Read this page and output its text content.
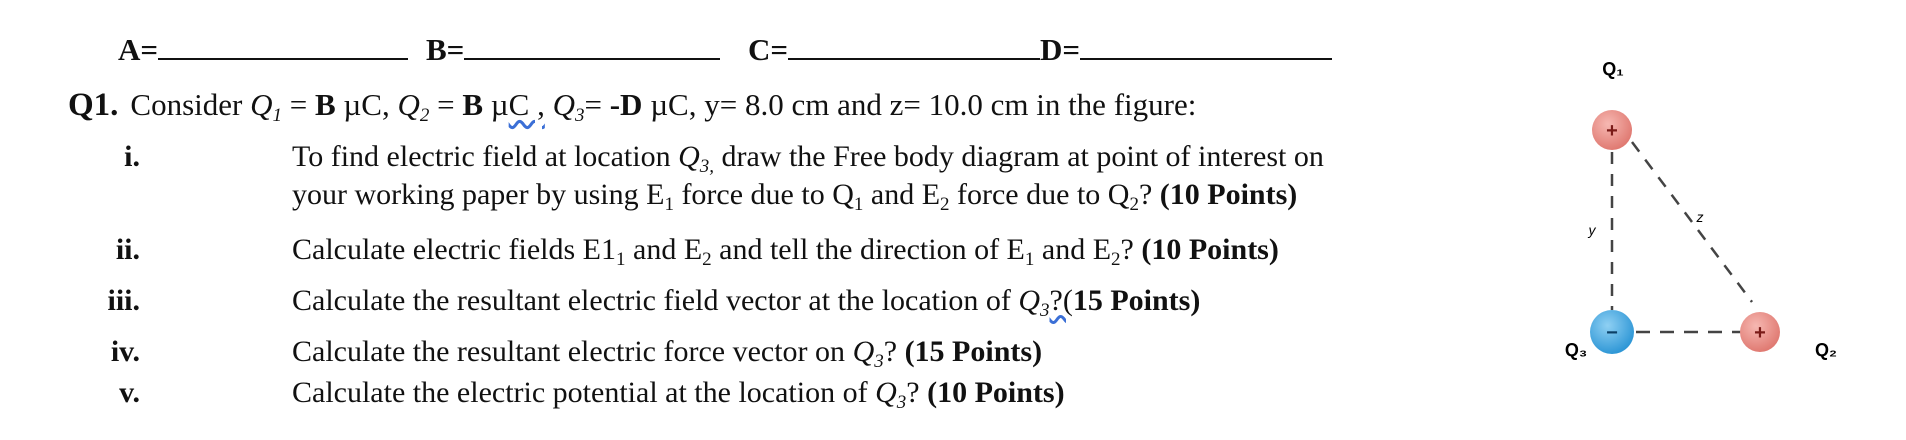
A=	B=	C=	D=
Q1. Consider $Q_1 = B$ µC, $Q_2 = B$ µC , $Q_3= -D$ µC, y= 8.0 cm and z= 10.0 cm in the figure:
i.	To find electric field at location $Q_{3,}$ draw the Free body diagram at point of interest on
your working paper by using $E_1$ force due to $Q_1$ and $E_2$ force due to $Q_2$? (10 Points)
ii.	Calculate electric fields $E1_1$ and $E_2$ and tell the direction of $E_1$ and $E_2$? (10 Points)
iii.	Calculate the resultant electric field vector at the location of $Q_3?(15$ Points)
iv.	Calculate the resultant electric force vector on $Q_3$? (15 Points)
v.	Calculate the electric potential at the location of $Q_3$? (10 Points)
Q₁
Q₃	Q₂
y
z
+
−	+
